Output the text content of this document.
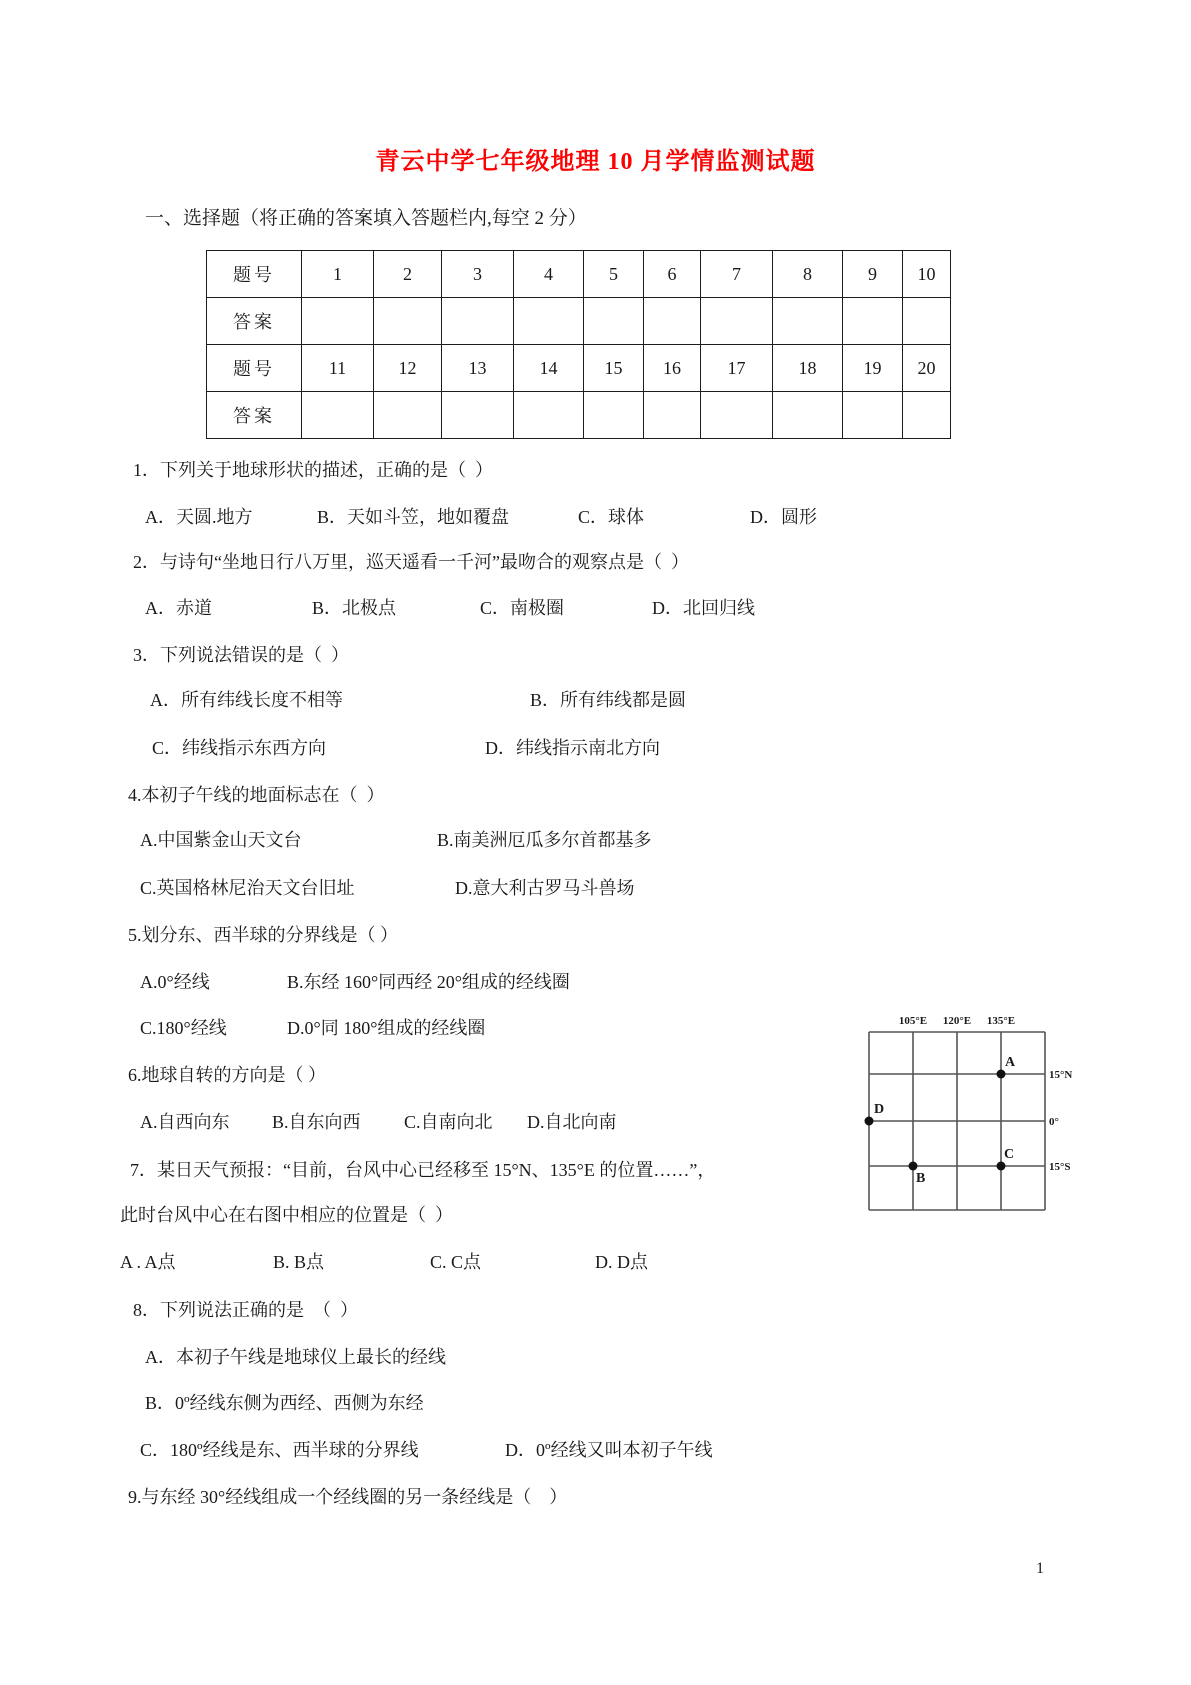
青云中学七年级地理 10 月学情监测试题
一、选择题（将正确的答案填入答题栏内,每空 2 分）
题号	1	2	3	4	5	6	7	8	9	10
答案										
题号	11	12	13	14	15	16	17	18	19	20
答案										
1．下列关于地球形状的描述，正确的是（  ）
A．天圆.地方	B．天如斗笠，地如覆盘	C．球体	D．圆形
2．与诗句“坐地日行八万里，巡天遥看一千河”最吻合的观察点是（  ）
A．赤道	B．北极点	C．南极圈	D．北回归线
3．下列说法错误的是（  ）
A．所有纬线长度不相等	B．所有纬线都是圆
C．纬线指示东西方向	D．纬线指示南北方向
4.本初子午线的地面标志在（  ）
A.中国紫金山天文台	B.南美洲厄瓜多尔首都基多
C.英国格林尼治天文台旧址	D.意大利古罗马斗兽场
5.划分东、西半球的分界线是（ ）
A.0°经线	B.东经 160°同西经 20°组成的经线圈
C.180°经线	D.0°同 180°组成的经线圈
6.地球自转的方向是（ ）
A.自西向东	B.自东向西	C.自南向北	D.自北向南
7．某日天气预报：“目前，台风中心已经移至 15°N、135°E 的位置……”，
此时台风中心在右图中相应的位置是（  ）
A . A点	B. B点	C. C点	D. D点
8．下列说法正确的是　（  ）
A．本初子午线是地球仪上最长的经线
B．0º经线东侧为西经、西侧为东经
C．180º经线是东、西半球的分界线	D．0º经线又叫本初子午线
9.与东经 30°经线组成一个经线圈的另一条经线是（　）
105°E 120°E 135°E
15°N
0°
15°S
A
B
C
D
1
